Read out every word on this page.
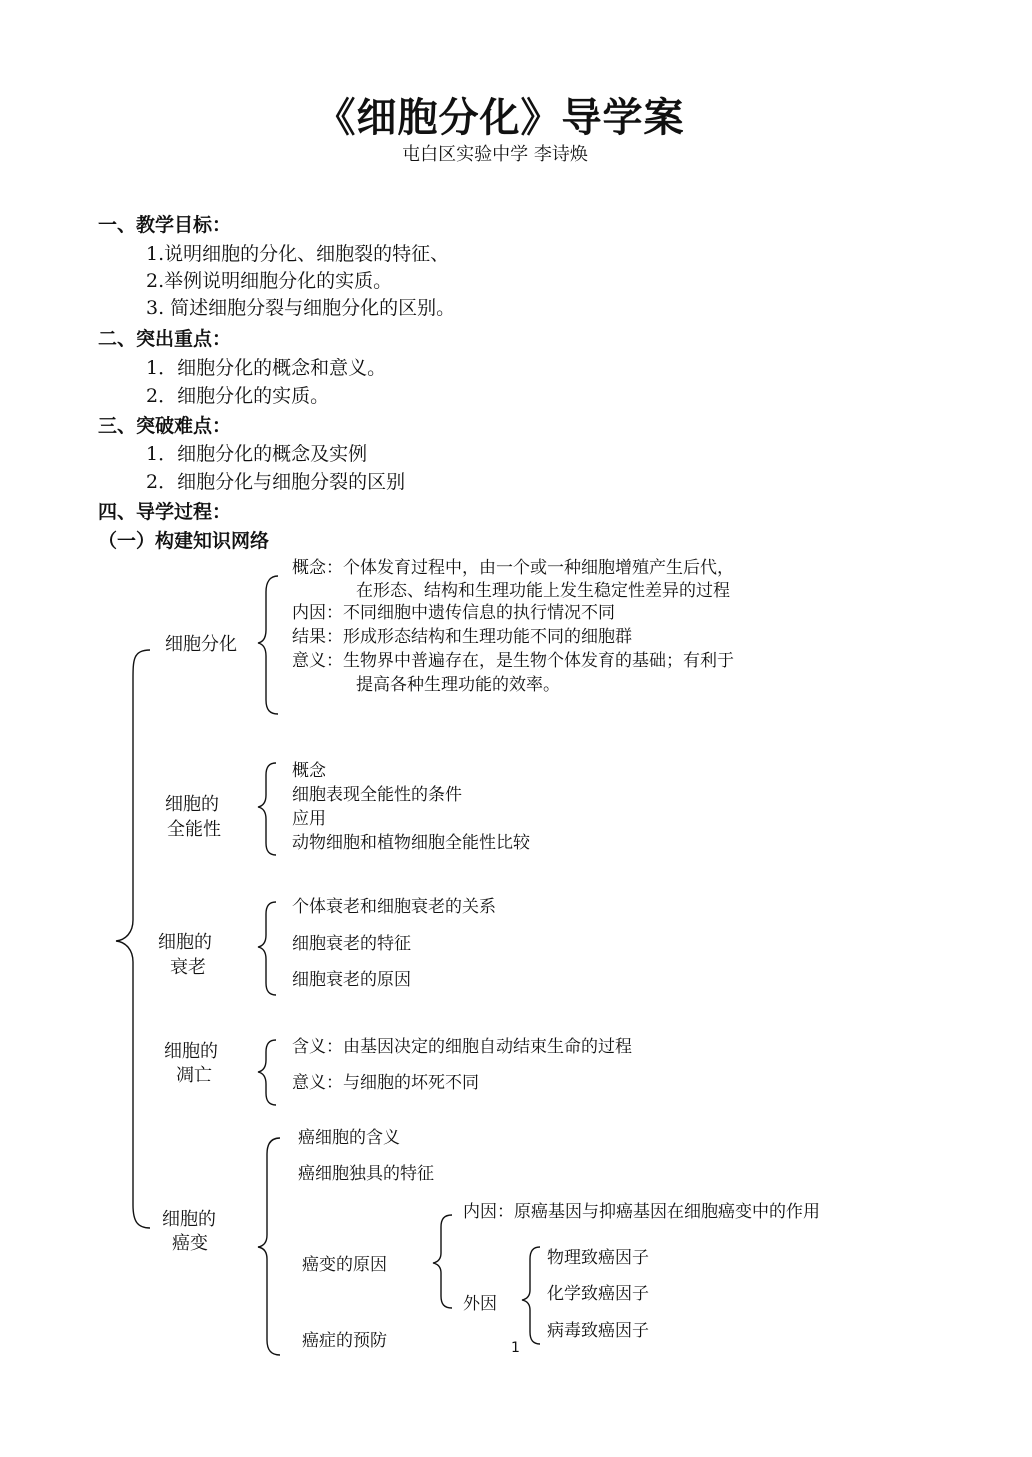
《细胞分化》导学案
屯白区实验中学 李诗焕
一、教学目标：
1.说明细胞的分化、细胞裂的特征、
2.举例说明细胞分化的实质。
3. 简述细胞分裂与细胞分化的区别。
二、突出重点：
1．细胞分化的概念和意义。
2．细胞分化的实质。
三、突破难点：
1．细胞分化的概念及实例
2．细胞分化与细胞分裂的区别
四、导学过程：
（一）构建知识网络
细胞分化
概念：个体发育过程中，由一个或一种细胞增殖产生后代，
在形态、结构和生理功能上发生稳定性差异的过程
内因：不同细胞中遗传信息的执行情况不同
结果：形成形态结构和生理功能不同的细胞群
意义：生物界中普遍存在，是生物个体发育的基础；有利于
提高各种生理功能的效率。
细胞的
全能性
概念
细胞表现全能性的条件
应用
动物细胞和植物细胞全能性比较
细胞的
衰老
个体衰老和细胞衰老的关系
细胞衰老的特征
细胞衰老的原因
细胞的
凋亡
含义：由基因决定的细胞自动结束生命的过程
意义：与细胞的坏死不同
细胞的
癌变
癌细胞的含义
癌细胞独具的特征
癌变的原因
内因：原癌基因与抑癌基因在细胞癌变中的作用
外因
物理致癌因子
化学致癌因子
病毒致癌因子
癌症的预防	1
